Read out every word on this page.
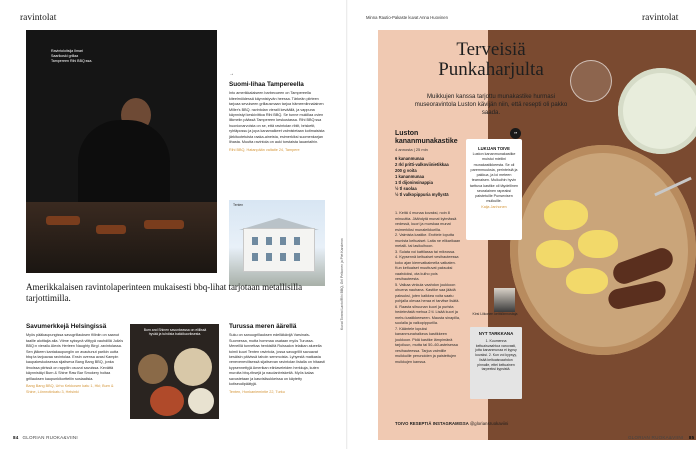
ravintolat
Ravintoloitsija Ilmari Saarikoski grillaa Tampereen Rihi BBQ:ssa.
→
Suomi-lihaa Tampereella
Into amerikkalaiseen barbecueen on Tampereella kiteelmöidessä käynnistyvän heessa. Tärkeän piirteen tarjoaa sevuiseen grillausmaan tarjoa hämeenlinnalainen Miller's BBQ. ravintolan vieraili keväällä, ja vappuna käynnistyi keskiviittoa Rihi BBQ. Se tunne mukillaa ovien liikmeiin päässä Tampereen keskustassa. Rihi BBQ:ssa huonionarvoista on se, että ravintolan riblit, brisketit, ryhtäpossu ja jopa kanamalkeet valmistetaan kotimaisista järkituotetuista raaka-aineista, esimerkiksi suomenkarjan lihasta. Muutta ravintola on auki torstaista lauantaihin.
Rihi BBQ, Hatanpään valtatie 24, Tampere
Tenten
Amerikkalaisen ravintolaperinteen mukaisesti bbq-lihat tarjotaan metallisilla tarjottimilla.
Savumerkkejä Helsingissä
Myös pääkaupungissa savugrillauksen fiiliniin on saanut taaille aloittajia alla. Viime syksynä vilttyyä vauhdillä Julia's BBQ:n vierailu Alexis Herleen Naughty Birgi -ravintolassa. Sen jälkeen kantakaupungiin on avautunut parikin uutta bbq:ta tarjoavaa ravintolaa. Ensin ovensa avasi Kampin kaupakeskuksessa sijaitseva Bang Bang BBQ, jonka ilmoissa piirissä on rappiiin osuvut savuissa. Kevättä käynnistäyi Burn & Shine Raw Bar Smokery hoitaa grillauksen kaupunkikortteliin sosiaalisia.
Bang Bang BBQ, Urho Kekkosen katu 1, Hki; Burn & Shine, Lönnrotinkatu 3, Helsinki
Burn and Shinen savunkeassa on elillissä hyvää ja tuhdista bakkikuoriksesta.
Turussa meren äärellä
Suku on sanuugrillauksen edelläkävijä Varsinais-Suomessa, mutta hommaa osataan myös Turussa. Meneillä tunnettaa henkisiltä Ruissalon lelaikan alueella toimii kuuri Tenten ravintola, jossa savugrillit savuavat kesäisin päivissä tahoin semmoista. Lyhyestä matkasta veneveneviilsessä sijaitsevan ravintolan listalla on hitaasti kypsennettyjä Amerikan elinlaveleiden herkkuja, kuten muroita bbq-ribsejä ja naudanbrisketiä. Myös kalaa savustetaan ja kasvislisukkeissa on käytetty kotiseudipäätyjä.
Tenten, Honkaniemintie 22, Turku
Kuvat Tommi Lanto/Rihi BBQ, Gril Pelkonen ja Piet Kanderov
84 GLORIAN RUOKA&VIINI
Minna Rautio-Pakaste kuvat Anna Huovinen	ravintolat
Terveisiä Punkaharjulta
Muikkujen kanssa tarjottu munakastike hurmasi museoravintola Luston kävijän niin, että resepti oli pakko saada.
Luston kananmunakastike
4 annosta | 25 min
6 kananmunaa
2 rkl pritti-valkoviinietikkaa
200 g voita
1 kananmunaa
1 tl dijoninsinappia
½ tl suolaa
½ tl valkopippuria myllystä
1. Keitä 4 munaa kovaksi, noin 8 minuuttia. Jäähdytä munat kylmässä vedessä, kuori ja murskaa munat esimerkiksi munaleikkurilla.
2. Valmista kastike. Erottele loputta munista keltuaiset. Laita ne elikarikaan metalli- tai lasikulhoon.
3. Sulata voi kattilassa tai mikrossa.
4. Kypsennä keltuaiset vesihauteessa koko ajan kiemvatkaimella vatkaten. Kun keltuaiset muuttuvat paksuksi vaahdoksi, ota kulho pois vesihauteesta.
5. Valkaa vinkula vaahdon joukkoon ohuena nauhana. Kastike saa jäädä paksuksi, joten kaikkea voita saatu pohjalla olevaa heraa ei tarvitse lisätä.
6. Raasta silruunan kuori ja purista hedelmästä mehua 2 tl. Lisää kuori ja mehu kastikkeeseen. Mausta sinapilla, suolalla ja valkopippurilla.
7. Kääntele lopuksi kananmunahalkeus kastikkeen joukkoon. Pidä kastike lämpimänä tarjoiluun, mutta tai 50–60-asteisessa vesihauteessa. Tarjoa valmiille muikkuille perunoiden ja paistettujen muikkujen kanssa.
”
LUKIJAN TOIVE
Luston kananmunakastike muistui mieliini munakastikkeesta. Se oli paremmuuksia, perinteisiä ja pakkua, ja loi meteen tearnaisen. Muikuihin hyvin tarttuva kastike oli täydellinen seuralainen rapeaksi paistetuille Punsexisen muikuille.
Kaija Janhonen
Kirsi Liikonen keittiöinnostaja
NYT TARKKANA
1. Kuumenna keltuaisvaahtoa varovasti, jotta kananmunaa ei kypsy kovaksi. 2. Kun voi kypsyy, lisää keltuaisvaahdon pinnalle, ettei keltuainen tarpeeksi kypsistä.
TOIVO RESEPTIÄ INSTAGRAMISSA @gloriansruokaviini
GLORIAN RUOKA&VIINI 85
